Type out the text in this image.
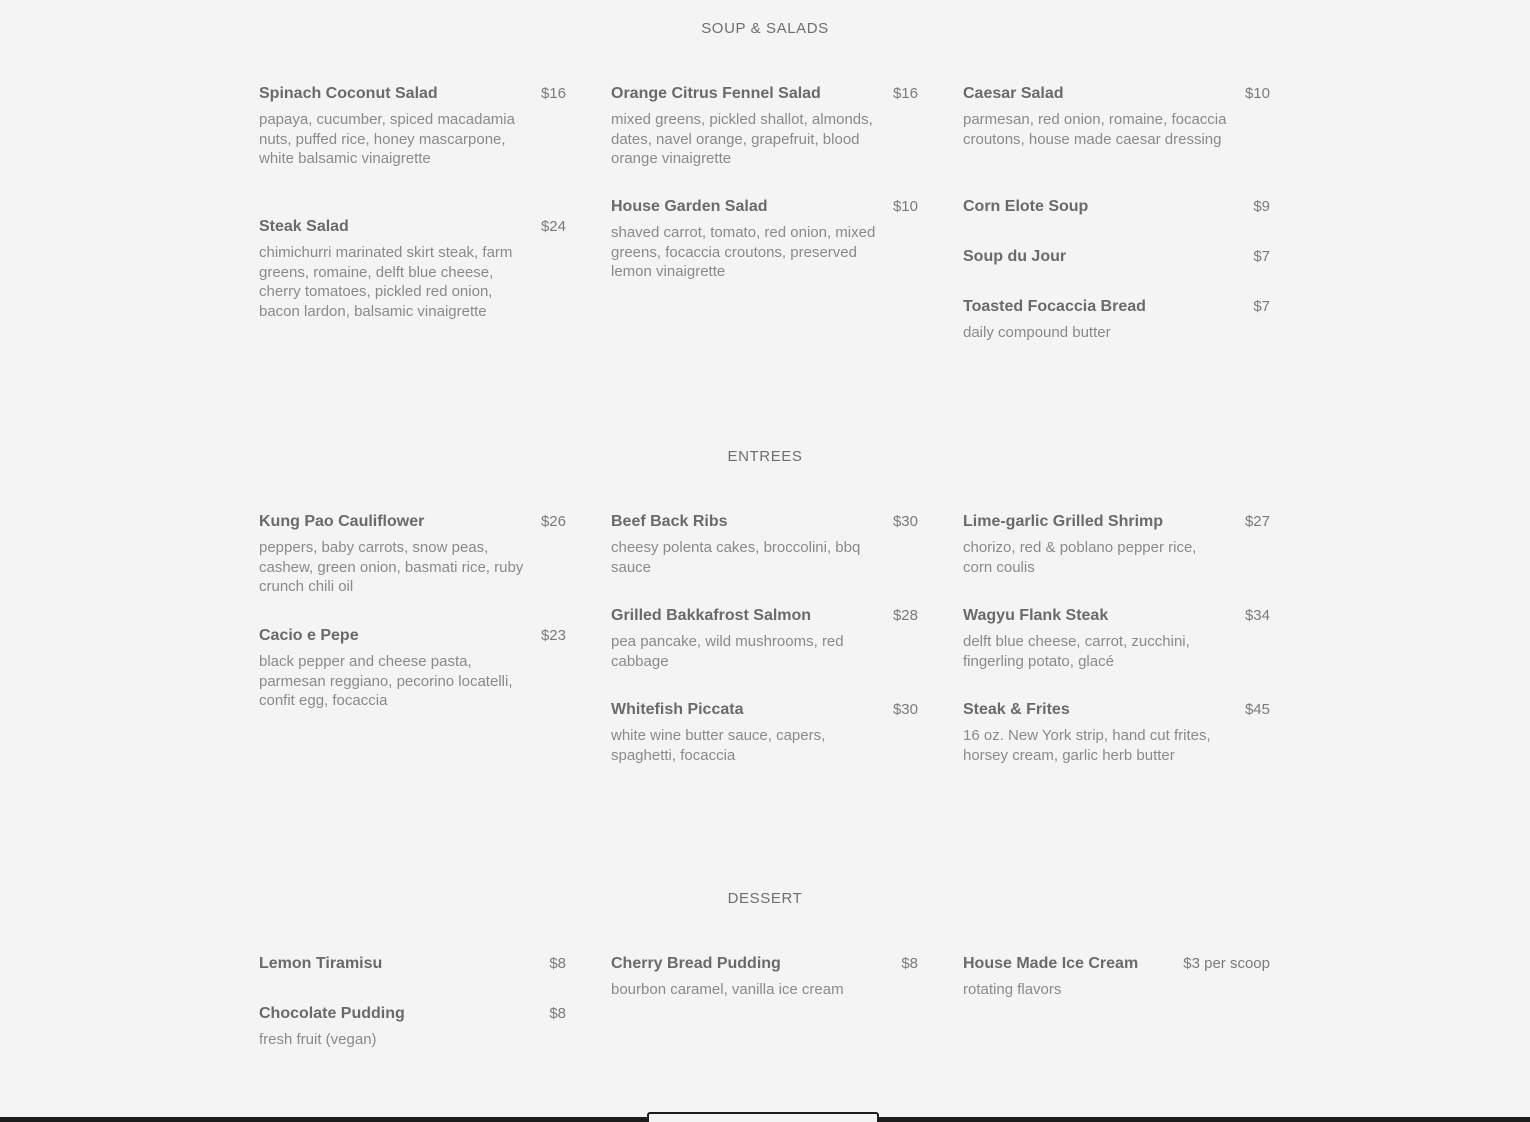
SOUP & SALADS
Spinach Coconut Salad	$16
papaya, cucumber, spiced macadamia nuts, puffed rice, honey mascarpone, white balsamic vinaigrette
Steak Salad	$24
chimichurri marinated skirt steak, farm greens, romaine, delft blue cheese, cherry tomatoes, pickled red onion, bacon lardon, balsamic vinaigrette
Orange Citrus Fennel Salad	$16
mixed greens, pickled shallot, almonds, dates, navel orange, grapefruit, blood orange vinaigrette
House Garden Salad	$10
shaved carrot, tomato, red onion, mixed greens, focaccia croutons, preserved lemon vinaigrette
Caesar Salad	$10
parmesan, red onion, romaine, focaccia croutons, house made caesar dressing
Corn Elote Soup	$9
Soup du Jour	$7
Toasted Focaccia Bread	$7
daily compound butter
ENTREES
Kung Pao Cauliflower	$26
peppers, baby carrots, snow peas, cashew, green onion, basmati rice, ruby crunch chili oil
Cacio e Pepe	$23
black pepper and cheese pasta, parmesan reggiano, pecorino locatelli, confit egg, focaccia
Beef Back Ribs	$30
cheesy polenta cakes, broccolini, bbq sauce
Grilled Bakkafrost Salmon	$28
pea pancake, wild mushrooms, red cabbage
Whitefish Piccata	$30
white wine butter sauce, capers, spaghetti, focaccia
Lime-garlic Grilled Shrimp	$27
chorizo, red & poblano pepper rice, corn coulis
Wagyu Flank Steak	$34
delft blue cheese, carrot, zucchini, fingerling potato, glacé
Steak & Frites	$45
16 oz. New York strip, hand cut frites, horsey cream, garlic herb butter
DESSERT
Lemon Tiramisu	$8
Chocolate Pudding	$8
fresh fruit (vegan)
Cherry Bread Pudding	$8
bourbon caramel, vanilla ice cream
House Made Ice Cream	$3 per scoop
rotating flavors
